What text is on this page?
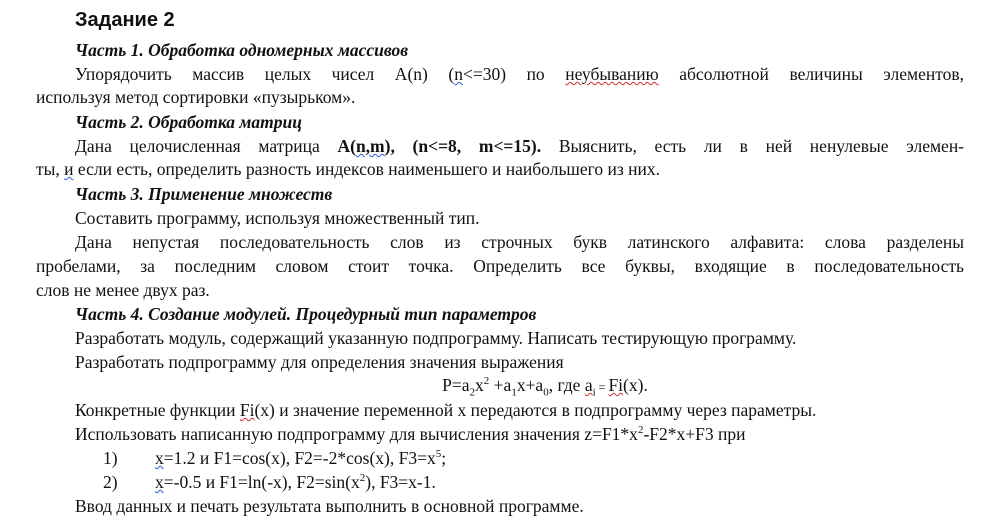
Задание 2
Часть 1. Обработка одномерных массивов
Упорядочить массив целых чисел A(n) (n<=30) по неубыванию абсолютной величины элементов,
используя метод сортировки «пузырьком».
Часть 2. Обработка матриц
Дана целочисленная матрица A(n,m), (n<=8, m<=15). Выяснить, есть ли в ней ненулевые элемен-
ты, и если есть, определить разность индексов наименьшего и наибольшего из них.
Часть 3. Применение множеств
Составить программу, используя множественный тип.
Дана непустая последовательность слов из строчных букв латинского алфавита: слова разделены
пробелами, за последним словом стоит точка. Определить все буквы, входящие в последовательность
слов не менее двух раз.
Часть 4. Создание модулей. Процедурный тип параметров
Разработать модуль, содержащий указанную подпрограмму. Написать тестирующую программу.
Разработать подпрограмму для определения значения выражения
$P=a_2x^2 +a_1x+a_0$, где $a_i = Fi(x)$.
Конкретные функции Fi(x) и значение переменной x передаются в подпрограмму через параметры.
Использовать написанную подпрограмму для вычисления значения $z=F1*x^2-F2*x+F3$ при
1) x=1.2 и F1=cos(x), F2=-2*cos(x), $F3=x^5$;
2) x=-0.5 и F1=ln(-x), $F2=\sin(x^2)$, F3=x-1.
Ввод данных и печать результата выполнить в основной программе.
